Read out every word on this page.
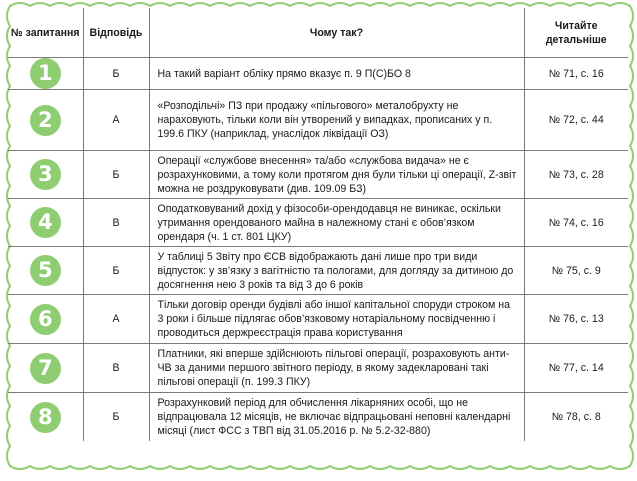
№ запитання	Відповідь	Чому так?	Читайте детальніше
1	Б	На такий варіант обліку прямо вказує п. 9 П(С)БО 8	№ 71, с. 16
2	А	«Розподільчі» ПЗ при продажу «пільгового» металобрухту не нараховують, тільки коли він утворений у випадках, прописаних у п. 199.6 ПКУ (наприклад, унаслідок ліквідації ОЗ)	№ 72, с. 44
3	Б	Операції «службове внесення» та/або «службова видача» не є розрахунковими, а тому коли протягом дня були тільки ці операції, Z-звіт можна не роздруковувати (див. 109.09 БЗ)	№ 73, с. 28
4	В	Оподатковуваний дохід у фізособи-орендодавця не виникає, оскільки утримання орендованого майна в належному стані є обов’язком орендаря (ч. 1 ст. 801 ЦКУ)	№ 74, с. 16
5	Б	У таблиці 5 Звіту про ЄСВ відображають дані лише про три види відпусток: у зв’язку з вагітністю та пологами, для догляду за дитиною до досягнення нею 3 років та від 3 до 6 років	№ 75, с. 9
6	А	Тільки договір оренди будівлі або іншої капітальної споруди строком на 3 роки і більше підлягає обов’язковому нотаріальному посвідченню і проводиться держреєстрація права користування	№ 76, с. 13
7	В	Платники, які вперше здійснюють пільгові операції, розраховують анти-ЧВ за даними першого звітного періоду, в якому задекларовані такі пільгові операції (п. 199.3 ПКУ)	№ 77, с. 14
8	Б	Розрахунковий період для обчислення лікарняних особі, що не відпрацювала 12 місяців, не включає відпрацьовані неповні календарні місяці (лист ФСС з ТВП від 31.05.2016 р. № 5.2-32-880)	№ 78, с. 8
